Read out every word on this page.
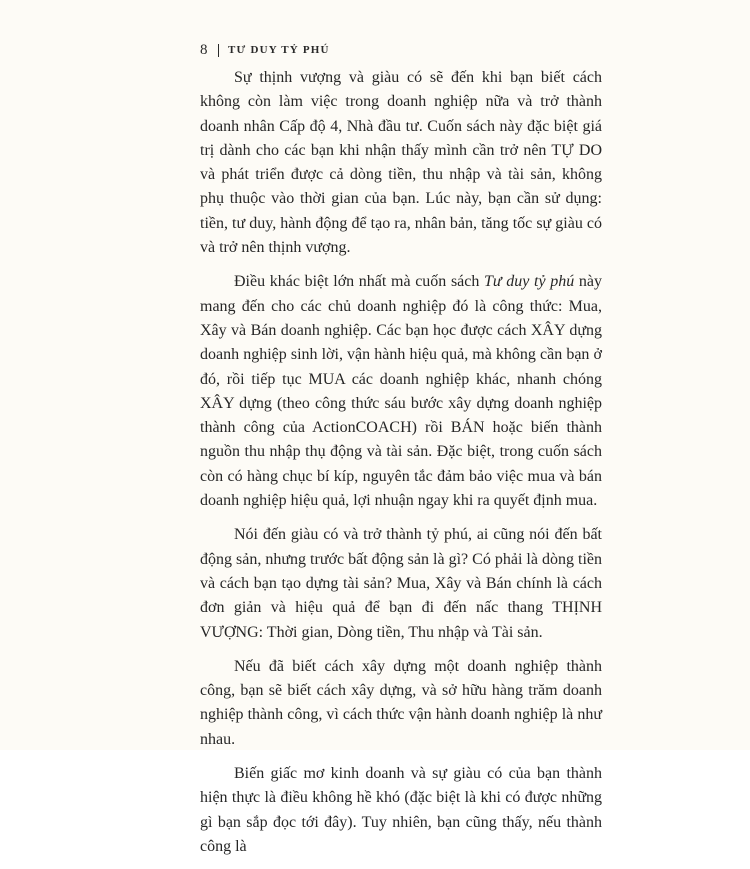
8 TƯ DUY TỶ PHÚ

Sự thịnh vượng và giàu có sẽ đến khi bạn biết cách không còn làm việc trong doanh nghiệp nữa và trở thành doanh nhân Cấp độ 4, Nhà đầu tư. Cuốn sách này đặc biệt giá trị dành cho các bạn khi nhận thấy mình cần trở nên TỰ DO và phát triển được cả dòng tiền, thu nhập và tài sản, không phụ thuộc vào thời gian của bạn. Lúc này, bạn cần sử dụng: tiền, tư duy, hành động để tạo ra, nhân bản, tăng tốc sự giàu có và trở nên thịnh vượng.

Điều khác biệt lớn nhất mà cuốn sách Tư duy tỷ phú này mang đến cho các chủ doanh nghiệp đó là công thức: Mua, Xây và Bán doanh nghiệp. Các bạn học được cách XÂY dựng doanh nghiệp sinh lời, vận hành hiệu quả, mà không cần bạn ở đó, rồi tiếp tục MUA các doanh nghiệp khác, nhanh chóng XÂY dựng (theo công thức sáu bước xây dựng doanh nghiệp thành công của ActionCOACH) rồi BÁN hoặc biến thành nguồn thu nhập thụ động và tài sản. Đặc biệt, trong cuốn sách còn có hàng chục bí kíp, nguyên tắc đảm bảo việc mua và bán doanh nghiệp hiệu quả, lợi nhuận ngay khi ra quyết định mua.

Nói đến giàu có và trở thành tỷ phú, ai cũng nói đến bất động sản, nhưng trước bất động sản là gì? Có phải là dòng tiền và cách bạn tạo dựng tài sản? Mua, Xây và Bán chính là cách đơn giản và hiệu quả để bạn đi đến nấc thang THỊNH VƯỢNG: Thời gian, Dòng tiền, Thu nhập và Tài sản.

Nếu đã biết cách xây dựng một doanh nghiệp thành công, bạn sẽ biết cách xây dựng, và sở hữu hàng trăm doanh nghiệp thành công, vì cách thức vận hành doanh nghiệp là như nhau.

Biến giấc mơ kinh doanh và sự giàu có của bạn thành hiện thực là điều không hề khó (đặc biệt là khi có được những gì bạn sắp đọc tới đây). Tuy nhiên, bạn cũng thấy, nếu thành công là
